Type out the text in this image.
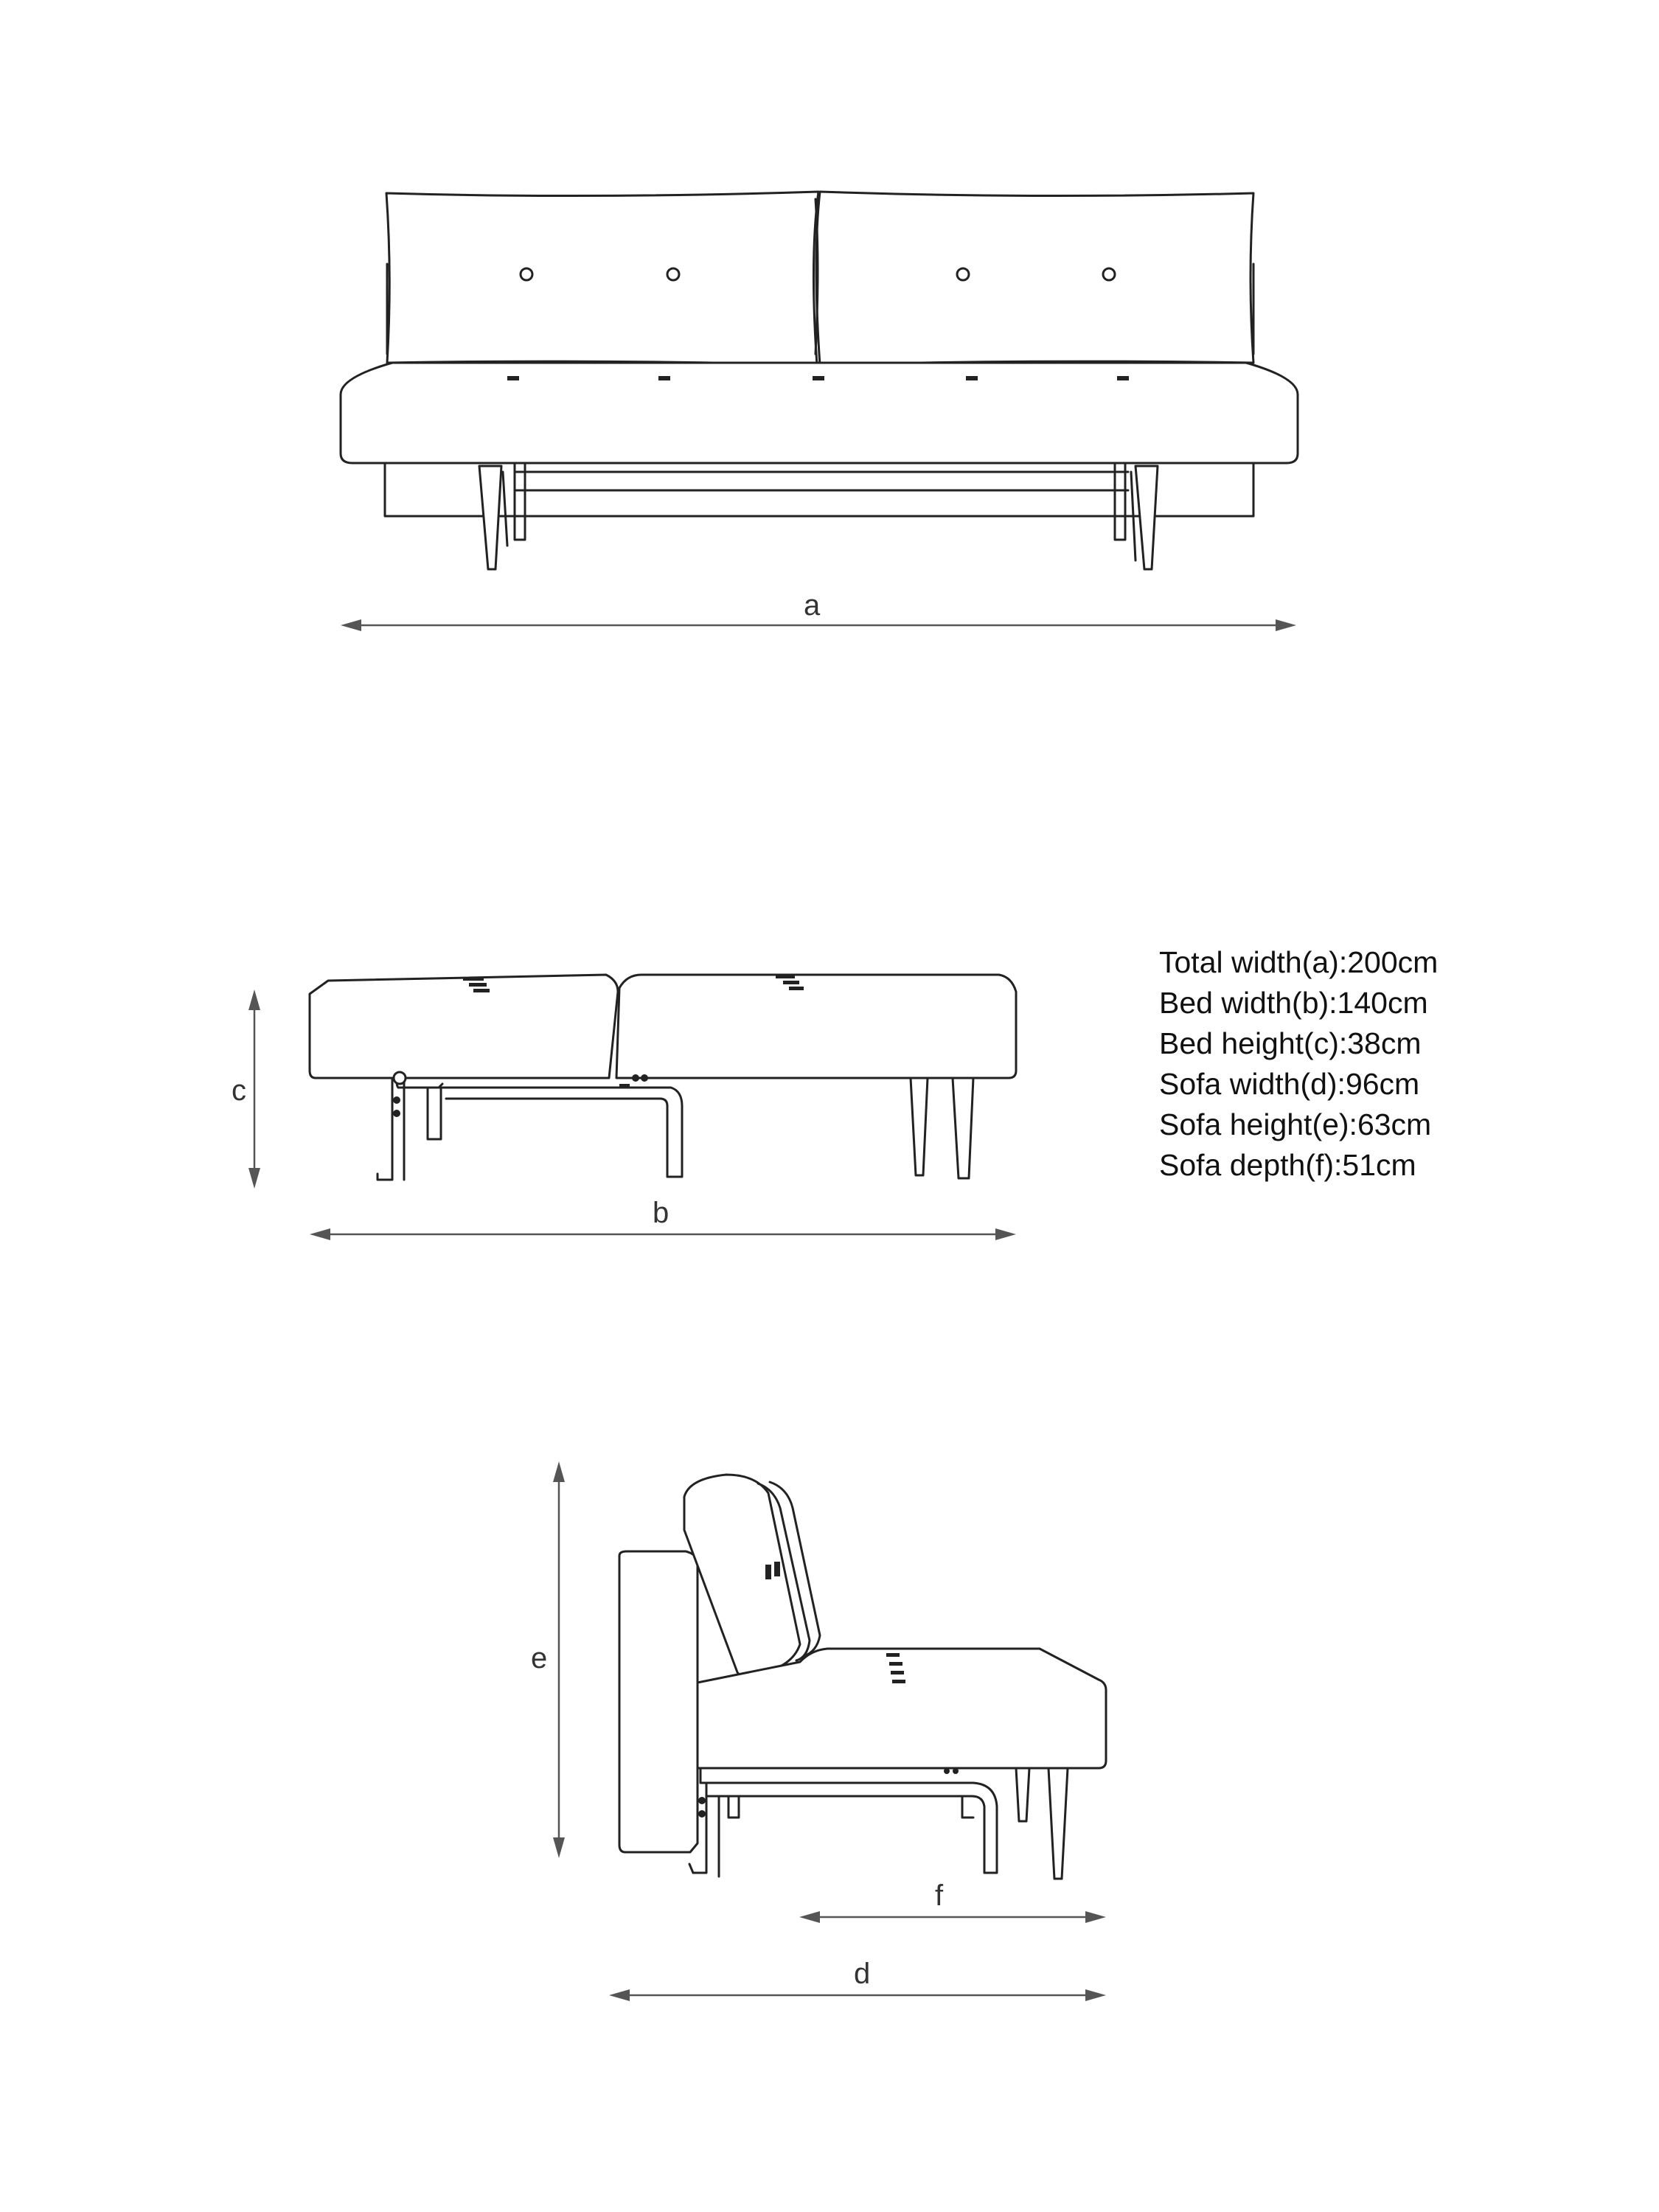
a
c
b
e
f
d
Total width(a):200cm
Bed width(b):140cm
Bed height(c):38cm
Sofa width(d):96cm
Sofa height(e):63cm
Sofa depth(f):51cm
